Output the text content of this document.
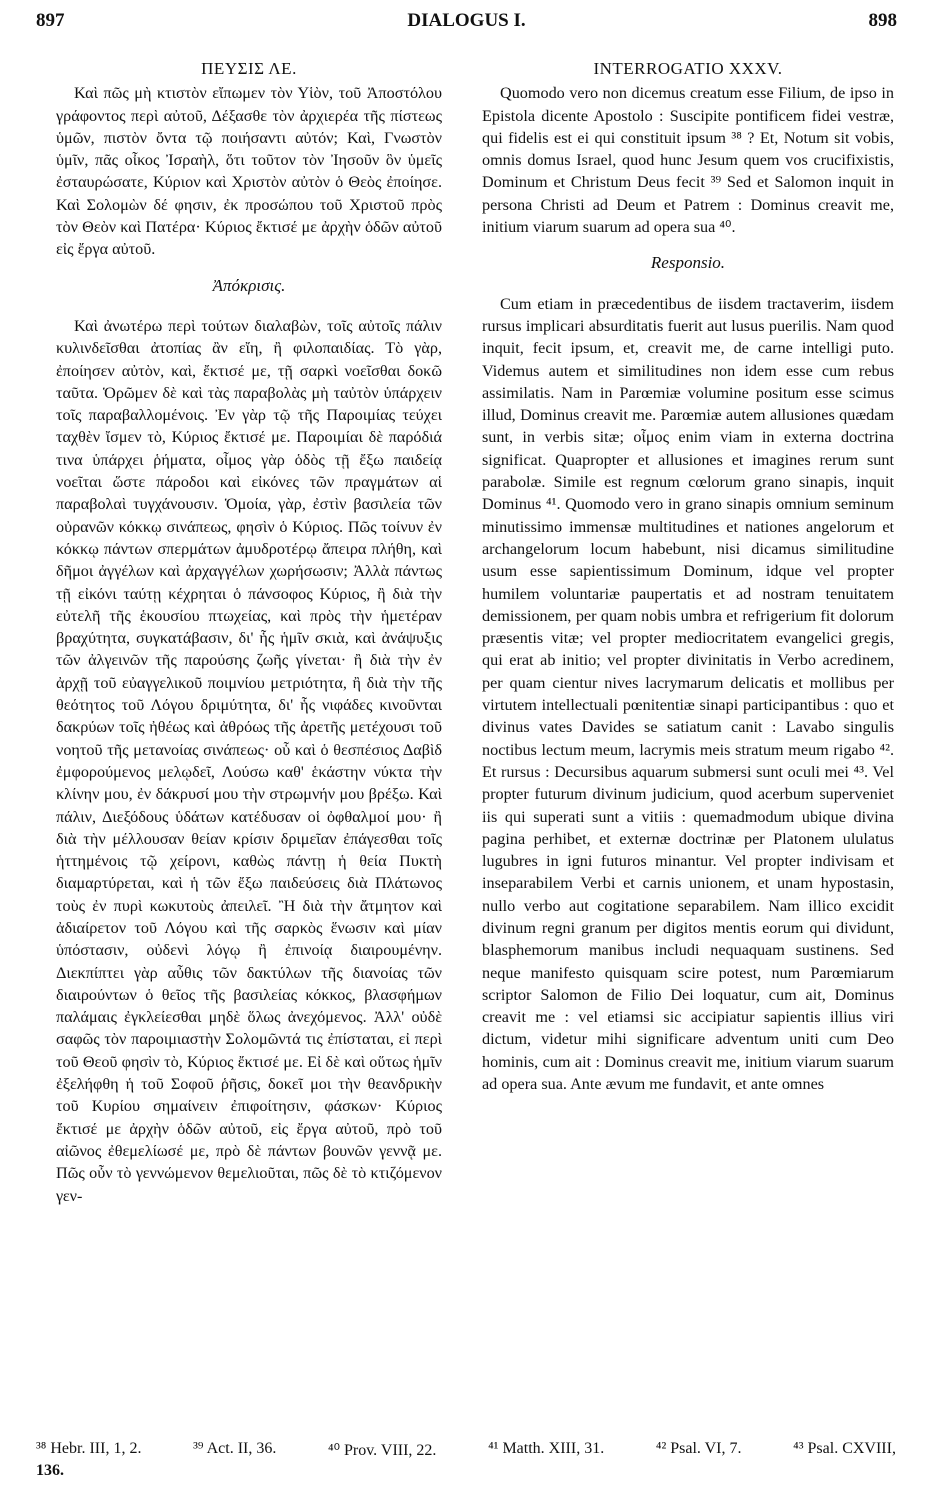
897	DIALOGUS I.	898
ΠΕΥΣΙΣ ΛΕ.

Καὶ πῶς μὴ κτιστὸν εἴπωμεν τὸν Υἱὸν, τοῦ Ἀποστόλου γράφοντος περὶ αὐτοῦ, Δέξασθε τὸν ἀρχιερέα τῆς πίστεως ὑμῶν, πιστὸν ὄντα τῷ ποιήσαντι αὐτόν; Καὶ, Γνωστὸν ὑμῖν, πᾶς οἶκος Ἰσραὴλ, ὅτι τοῦτον τὸν Ἰησοῦν ὃν ὑμεῖς ἐσταυρώσατε, Κύριον καὶ Χριστὸν αὐτὸν ὁ Θεὸς ἐποίησε. Καὶ Σολομὼν δέ φησιν, ἐκ προσώπου τοῦ Χριστοῦ πρὸς τὸν Θεὸν καὶ Πατέρα· Κύριος ἔκτισέ με ἀρχὴν ὁδῶν αὐτοῦ εἰς ἔργα αὐτοῦ.

Ἀπόκρισις.

Καὶ ἀνωτέρω περὶ τούτων διαλαβὼν, τοῖς αὐτοῖς πάλιν κυλινδεῖσθαι ἀτοπίας ἂν εἴη, ἢ φιλοπαιδίας. Τὸ γὰρ, ἐποίησεν αὐτὸν, καὶ, ἔκτισέ με, τῇ σαρκὶ νοεῖσθαι δοκῶ ταῦτα. Ὁρῶμεν δὲ καὶ τὰς παραβολὰς μὴ ταὐτὸν ὑπάρχειν τοῖς παραβαλλομένοις. Ἐν γὰρ τῷ τῆς Παροιμίας τεύχει ταχθὲν ἴσμεν τὸ, Κύριος ἔκτισέ με. Παροιμίαι δὲ παρόδιά τινα ὑπάρχει ῥήματα, οἶμος γὰρ ὁδὸς τῇ ἔξω παιδείᾳ νοεῖται ὥστε πάροδοι καὶ εἰκόνες τῶν πραγμάτων αἱ παραβολαὶ τυγχάνουσιν. Ὁμοία, γὰρ, ἐστὶν βασιλεία τῶν οὐρανῶν κόκκῳ σινάπεως, φησὶν ὁ Κύριος. Πῶς τοίνυν ἐν κόκκῳ πάντων σπερμάτων ἀμυδροτέρῳ ἄπειρα πλήθη, καὶ δῆμοι ἀγγέλων καὶ ἀρχαγγέλων χωρήσωσιν; Ἀλλὰ πάντως τῇ εἰκόνι ταύτῃ κέχρηται ὁ πάνσοφος Κύριος, ἢ διὰ τὴν εὐτελῆ τῆς ἑκουσίου πτωχείας, καὶ πρὸς τὴν ἡμετέραν βραχύτητα, συγκατάβασιν, δι' ἧς ἡμῖν σκιὰ, καὶ ἀνάψυξις τῶν ἀλγεινῶν τῆς παρούσης ζωῆς γίνεται· ἢ διὰ τὴν ἐν ἀρχῇ τοῦ εὐαγγελικοῦ ποιμνίου μετριότητα, ἢ διὰ τὴν τῆς θεότητος τοῦ Λόγου δριμύτητα, δι' ἧς νιφάδες κινοῦνται δακρύων τοῖς ἠθέως καὶ ἀθρόως τῆς ἀρετῆς μετέχουσι τοῦ νοητοῦ τῆς μετανοίας σινάπεως· οὗ καὶ ὁ θεσπέσιος Δαβὶδ ἐμφορούμενος μελῳδεῖ, Λούσω καθ' ἑκάστην νύκτα τὴν κλίνην μου, ἐν δάκρυσί μου τὴν στρωμνήν μου βρέξω. Καὶ πάλιν, Διεξόδους ὑδάτων κατέδυσαν οἱ ὀφθαλμοί μου· ἢ διὰ τὴν μέλλουσαν θείαν κρίσιν δριμεῖαν ἐπάγεσθαι τοῖς ἡττημένοις τῷ χείρονι, καθὼς πάντῃ ἡ θεία Πυκτὴ διαμαρτύρεται, καὶ ἡ τῶν ἔξω παιδεύσεις διὰ Πλάτωνος τοὺς ἐν πυρὶ κωκυτοὺς ἀπειλεῖ. Ἢ διὰ τὴν ἄτμητον καὶ ἀδιαίρετον τοῦ Λόγου καὶ τῆς σαρκὸς ἕνωσιν καὶ μίαν ὑπόστασιν, οὐδενὶ λόγῳ ἢ ἐπινοίᾳ διαιρουμένην. Διεκπίπτει γὰρ αὖθις τῶν δακτύλων τῆς διανοίας τῶν διαιρούντων ὁ θεῖος τῆς βασιλείας κόκκος, βλασφήμων παλάμαις ἐγκλείεσθαι μηδὲ ὅλως ἀνεχόμενος. Ἀλλ' οὐδὲ σαφῶς τὸν παροιμιαστὴν Σολομῶντά τις ἐπίσταται, εἰ περὶ τοῦ Θεοῦ φησὶν τὸ, Κύριος ἔκτισέ με. Εἰ δὲ καὶ οὕτως ἡμῖν ἐξελήφθη ἡ τοῦ Σοφοῦ ῥῆσις, δοκεῖ μοι τὴν θεανδρικὴν τοῦ Κυρίου σημαίνειν ἐπιφοίτησιν, φάσκων· Κύριος ἔκτισέ με ἀρχὴν ὁδῶν αὐτοῦ, εἰς ἔργα αὐτοῦ, πρὸ τοῦ αἰῶνος ἐθεμελίωσέ με, πρὸ δὲ πάντων βουνῶν γεννᾷ με. Πῶς οὖν τὸ γεννώμενον θεμελιοῦται, πῶς δὲ τὸ κτιζόμενον γεν-

INTERROGATIO XXXV.

Quomodo vero non dicemus creatum esse Filium, de ipso in Epistola dicente Apostolo : Suscipite pontificem fidei vestræ, qui fidelis est ei qui constituit ipsum ³⁸ ? Et, Notum sit vobis, omnis domus Israel, quod hunc Jesum quem vos crucifixistis, Dominum et Christum Deus fecit ³⁹ Sed et Salomon inquit in persona Christi ad Deum et Patrem : Dominus creavit me, initium viarum suarum ad opera sua ⁴⁰.

Responsio.

Cum etiam in præcedentibus de iisdem tractaverim, iisdem rursus implicari absurditatis fuerit aut lusus puerilis. Nam quod inquit, fecit ipsum, et, creavit me, de carne intelligi puto. Videmus autem et similitudines non idem esse cum rebus assimilatis. Nam in Parœmiæ volumine positum esse scimus illud, Dominus creavit me. Parœmiæ autem allusiones quædam sunt, in verbis sitæ; οἶμος enim viam in externa doctrina significat. Quapropter et allusiones et imagines rerum sunt parabolæ. Simile est regnum cœlorum grano sinapis, inquit Dominus ⁴¹. Quomodo vero in grano sinapis omnium seminum minutissimo immensæ multitudines et nationes angelorum et archangelorum locum habebunt, nisi dicamus similitudine usum esse sapientissimum Dominum, idque vel propter humilem voluntariæ paupertatis et ad nostram tenuitatem demissionem, per quam nobis umbra et refrigerium fit dolorum præsentis vitæ; vel propter mediocritatem evangelici gregis, qui erat ab initio; vel propter divinitatis in Verbo acredinem, per quam cientur nives lacrymarum delicatis et mollibus per virtutem intellectuali pœnitentiæ sinapi participantibus : quo et divinus vates Davides se satiatum canit : Lavabo singulis noctibus lectum meum, lacrymis meis stratum meum rigabo ⁴². Et rursus : Decursibus aquarum submersi sunt oculi mei ⁴³. Vel propter futurum divinum judicium, quod acerbum superveniet iis qui superati sunt a vitiis : quemadmodum ubique divina pagina perhibet, et externæ doctrinæ per Platonem ululatus lugubres in igni futuros minantur. Vel propter indivisam et inseparabilem Verbi et carnis unionem, et unam hypostasin, nullo verbo aut cogitatione separabilem. Nam illico excidit divinum regni granum per digitos mentis eorum qui dividunt, blasphemorum manibus includi nequaquam sustinens. Sed neque manifesto quisquam scire potest, num Parœmiarum scriptor Salomon de Filio Dei loquatur, cum ait, Dominus creavit me : vel etiamsi sic accipiatur sapientis illius viri dictum, videtur mihi significare adventum uniti cum Deo hominis, cum ait : Dominus creavit me, initium viarum suarum ad opera sua. Ante ævum me fundavit, et ante omnes

³⁸ Hebr. III, 1, 2.	³⁹ Act. II, 36.	⁴⁰ Prov. VIII, 22.	⁴¹ Matth. XIII, 31.	⁴² Psal. VI, 7.	⁴³ Psal. CXVIII,
136.
